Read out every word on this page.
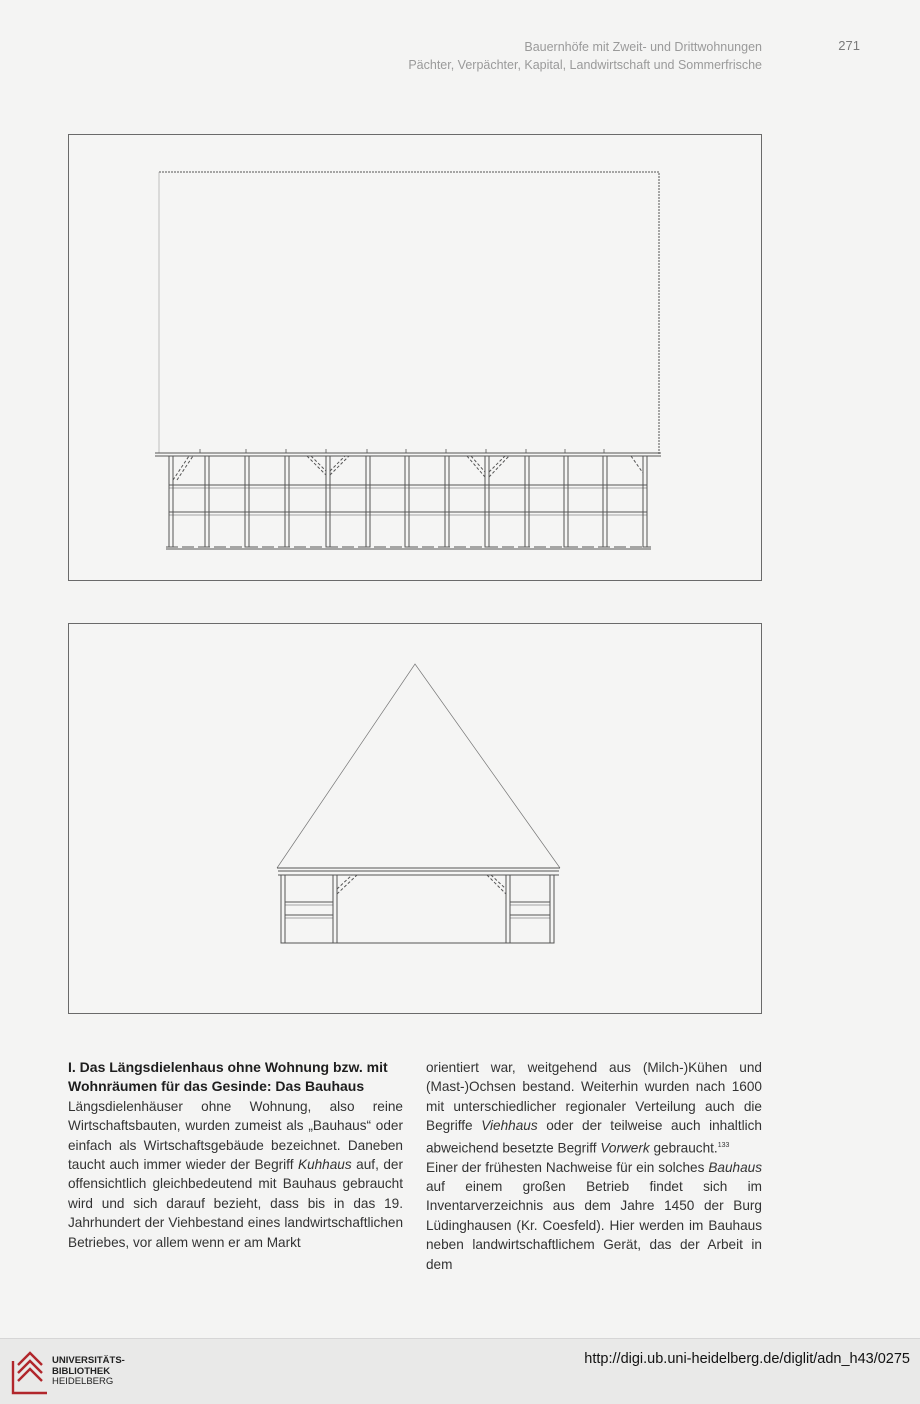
Bauernhöfe mit Zweit- und Drittwohnungen
Pächter, Verpächter, Kapital, Landwirtschaft und Sommerfrische
271

I. Das Längsdielenhaus ohne Wohnung bzw. mit
Wohnräumen für das Gesinde: Das Bauhaus

Längsdielenhäuser ohne Wohnung, also reine Wirtschaftsbauten, wurden zumeist als „Bauhaus“ oder einfach als Wirtschaftsgebäude bezeichnet. Daneben taucht auch immer wieder der Begriff Kuhhaus auf, der offensichtlich gleichbedeutend mit Bauhaus gebraucht wird und sich darauf bezieht, dass bis in das 19. Jahrhundert der Viehbestand eines landwirtschaftlichen Betriebes, vor allem wenn er am Markt

orientiert war, weitgehend aus (Milch-)Kühen und (Mast-)Ochsen bestand. Weiterhin wurden nach 1600 mit unterschiedlicher regionaler Verteilung auch die Begriffe Viehhaus oder der teilweise auch inhaltlich abweichend besetzte Begriff Vorwerk gebraucht.$^{133}$

Einer der frühesten Nachweise für ein solches Bauhaus auf einem großen Betrieb findet sich im Inventarverzeichnis aus dem Jahre 1450 der Burg Lüdinghausen (Kr. Coesfeld). Hier werden im Bauhaus neben landwirtschaftlichem Gerät, das der Arbeit in dem

UNIVERSITÄTS-
BIBLIOTHEK
HEIDELBERG
http://digi.ub.uni-heidelberg.de/diglit/adn_h43/0275
